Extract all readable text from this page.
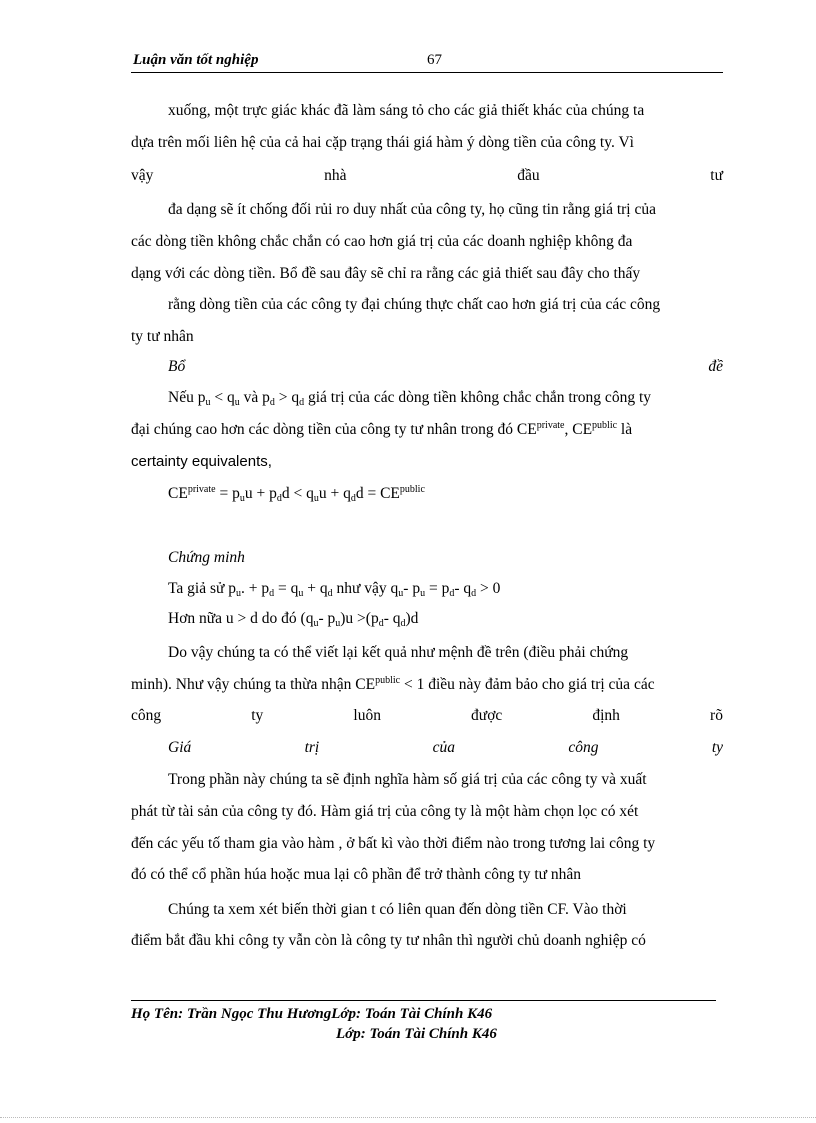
Luận văn tốt nghiệp	67
xuống, một trực giác khác đã làm sáng tỏ cho các giả thiết khác của chúng ta
dựa trên mối liên hệ của cả hai cặp trạng thái giá hàm ý dòng tiền của công ty. Vì
vậy	nhà	đầu	tư
đa dạng sẽ ít chống đối rủi ro duy nhất của công ty, họ cũng tin rằng giá trị của
các dòng tiền không chắc chắn có cao hơn giá trị của các doanh nghiệp không đa
dạng với các dòng tiền. Bổ đề sau đây sẽ chỉ ra rằng các giả thiết sau đây cho thấy
rằng dòng tiền của các công ty đại chúng thực chất cao hơn giá trị của các công
ty tư nhân
Bổ	đề
Nếu $p_u < q_u$ và $p_d > q_d$ giá trị của các dòng tiền không chắc chắn trong công ty
đại chúng cao hơn các dòng tiền của công ty tư nhân trong đó $CE^{private}$, $CE^{public}$ là
certainty equivalents,
$CE^{private} = p_uu + p_dd < q_uu + q_dd = CE^{public}$
Chứng minh
Ta giả sử $p_u$. + $p_d = q_u + q_d$ như vậy $q_u-$ $p_u = p_d-$ $q_d > 0$
Hơn nữa u > d do đó ($q_u-$ $p_u)u >(p_d-$ $q_d)d$
Do vậy chúng ta có thể viết lại kết quả như mệnh đề trên (điều phải chứng
minh). Như vậy chúng ta thừa nhận $CE^{public} < 1$ điều này đảm bảo cho giá trị của các
công	ty	luôn	được	định	rõ
Giá	trị	của	công	ty
Trong phần này chúng ta sẽ định nghĩa hàm số giá trị của các công ty và xuất
phát từ tài sản của công ty đó. Hàm giá trị của công ty là một hàm chọn lọc có xét
đến các yếu tố tham gia vào hàm , ở bất kì vào thời điểm nào trong tương lai công ty
đó có thể cổ phần húa hoặc mua lại cô phần để trở thành công ty tư nhân
Chúng ta xem xét biến thời gian t có liên quan đến dòng tiền CF. Vào thời
điểm bắt đầu khi công ty vẫn còn là công ty tư nhân thì người chủ doanh nghiệp có
Họ Tên: Trần Ngọc Thu HươngLớp: Toán Tài Chính K46
Lớp: Toán Tài Chính K46
